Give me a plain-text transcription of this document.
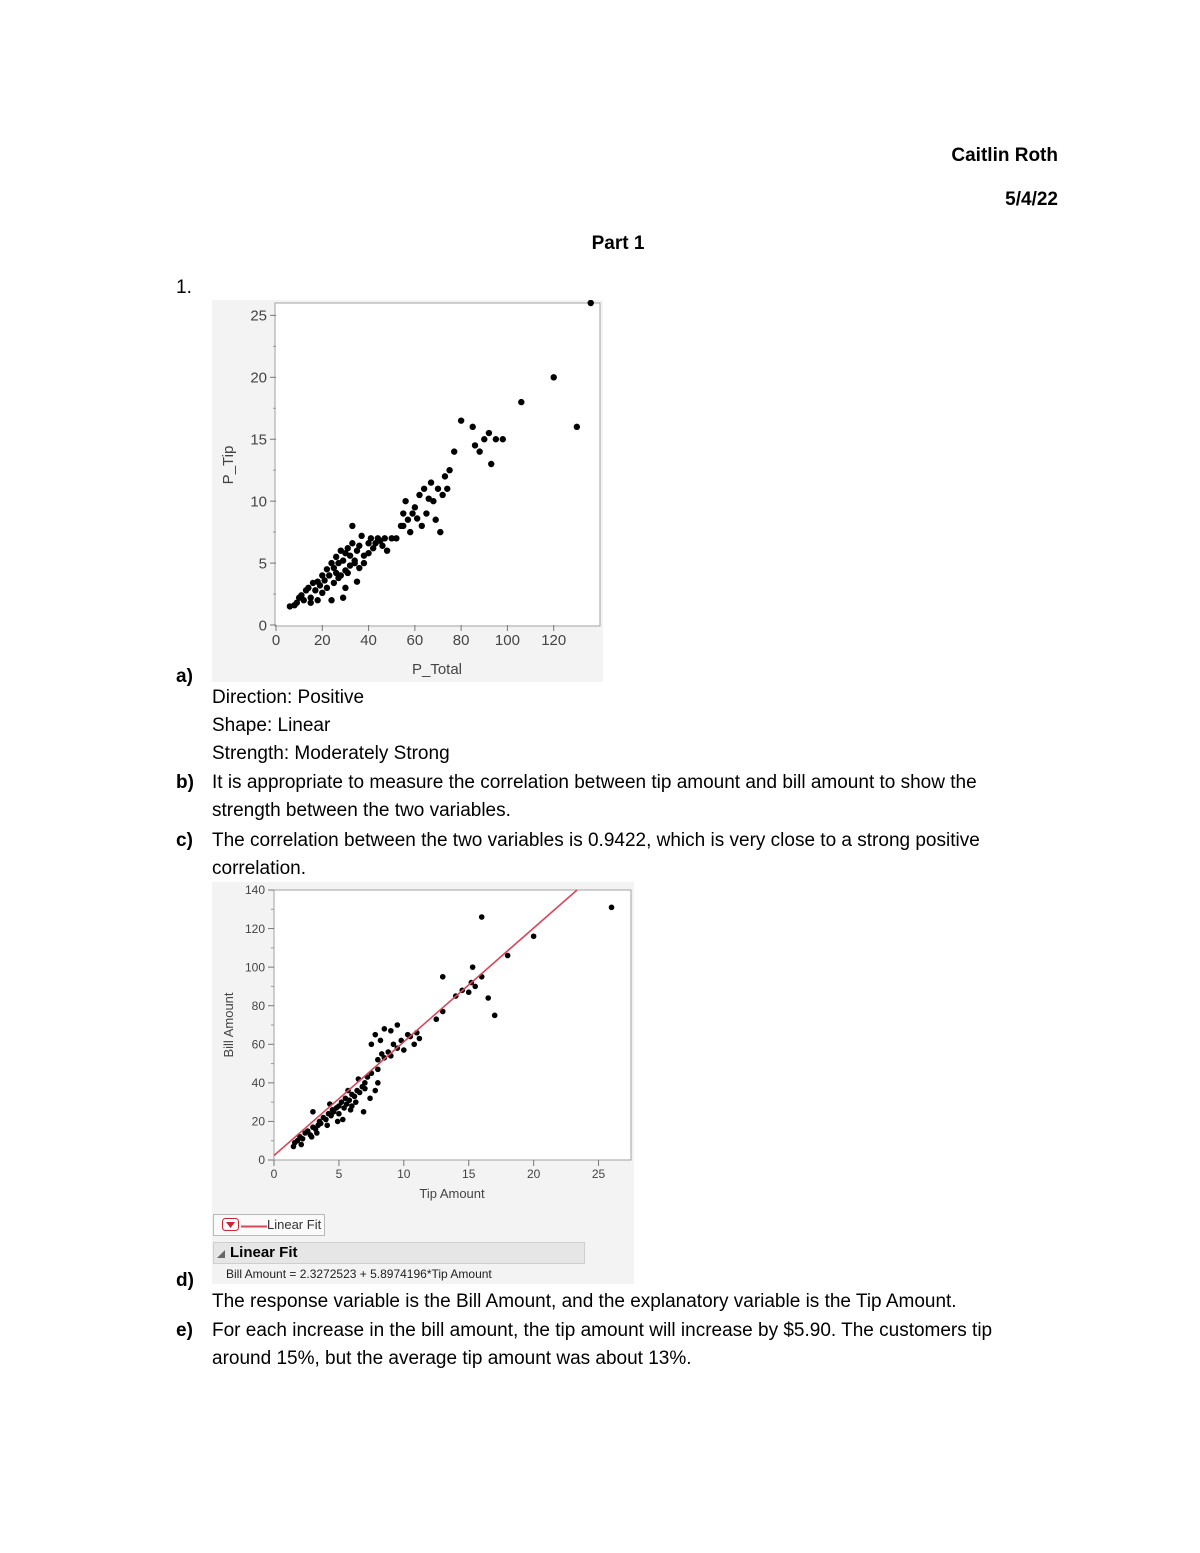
Caitlin Roth
5/4/22
Part 1
1.
0 20 40 60 80 100 120
0
5
10
15
20
25
P_Total
P_Tip
a)
Direction: Positive
Shape: Linear
Strength: Moderately Strong
b) It is appropriate to measure the correlation between tip amount and bill amount to show the
strength between the two variables.
c) The correlation between the two variables is 0.9422, which is very close to a strong positive
correlation.
0	5	10	15	20	25
0
20
40
60
80
100
120
140
Tip Amount
Bill Amount
Linear Fit
Linear Fit
Bill Amount = 2.3272523 + 5.8974196*Tip Amount
d)
The response variable is the Bill Amount, and the explanatory variable is the Tip Amount.
e) For each increase in the bill amount, the tip amount will increase by $5.90. The customers tip
around 15%, but the average tip amount was about 13%.
